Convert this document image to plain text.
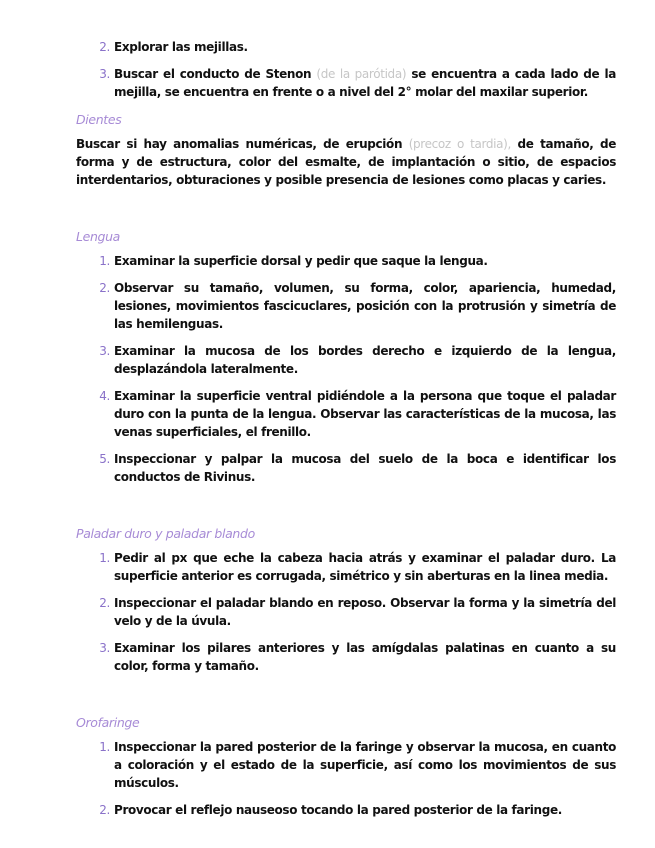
2. Explorar las mejillas.
3. Buscar el conducto de Stenon (de la parótida) se encuentra a cada lado de la mejilla, se encuentra en frente o a nivel del 2° molar del maxilar superior.

Dientes

Buscar si hay anomalias numéricas, de erupción (precoz o tardia), de tamaño, de forma y de estructura, color del esmalte, de implantación o sitio, de espacios interdentarios, obturaciones y posible presencia de lesiones como placas y caries.

Lengua

1. Examinar la superficie dorsal y pedir que saque la lengua.
2. Observar su tamaño, volumen, su forma, color, apariencia, humedad, lesiones, movimientos fascicuclares, posición con la protrusión y simetría de las hemilenguas.
3. Examinar la mucosa de los bordes derecho e izquierdo de la lengua, desplazándola lateralmente.
4. Examinar la superficie ventral pidiéndole a la persona que toque el paladar duro con la punta de la lengua. Observar las características de la mucosa, las venas superficiales, el frenillo.
5. Inspeccionar y palpar la mucosa del suelo de la boca e identificar los conductos de Rivinus.

Paladar duro y paladar blando

1. Pedir al px que eche la cabeza hacia atrás y examinar el paladar duro. La superficie anterior es corrugada, simétrico y sin aberturas en la linea media.
2. Inspeccionar el paladar blando en reposo. Observar la forma y la simetría del velo y de la úvula.
3. Examinar los pilares anteriores y las amígdalas palatinas en cuanto a su color, forma y tamaño.

Orofaringe

1. Inspeccionar la pared posterior de la faringe y observar la mucosa, en cuanto a coloración y el estado de la superficie, así como los movimientos de sus músculos.
2. Provocar el reflejo nauseoso tocando la pared posterior de la faringe.
